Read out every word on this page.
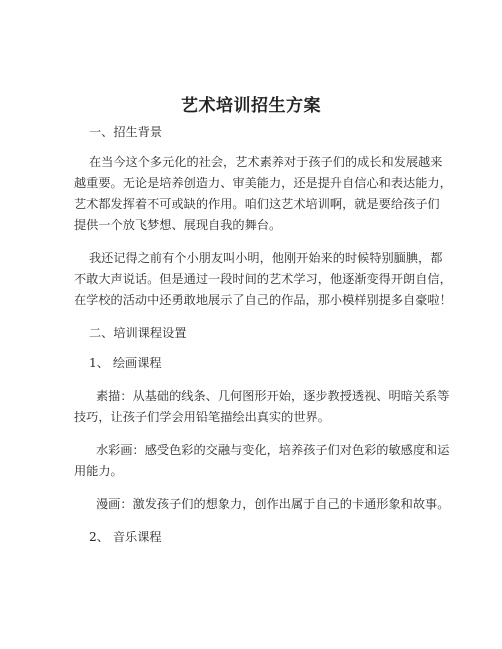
艺术培训招生方案

一、招生背景

在当今这个多元化的社会，艺术素养对于孩子们的成长和发展越来

越重要。无论是培养创造力、审美能力，还是提升自信心和表达能力，

艺术都发挥着不可或缺的作用。咱们这艺术培训啊，就是要给孩子们

提供一个放飞梦想、展现自我的舞台。

我还记得之前有个小朋友叫小明，他刚开始来的时候特别腼腆，都

不敢大声说话。但是通过一段时间的艺术学习，他逐渐变得开朗自信，

在学校的活动中还勇敢地展示了自己的作品，那小模样别提多自豪啦！

二、培训课程设置

1、 绘画课程

素描：从基础的线条、几何图形开始，逐步教授透视、明暗关系等

技巧，让孩子们学会用铅笔描绘出真实的世界。

水彩画：感受色彩的交融与变化，培养孩子们对色彩的敏感度和运

用能力。

漫画：激发孩子们的想象力，创作出属于自己的卡通形象和故事。

2、 音乐课程
